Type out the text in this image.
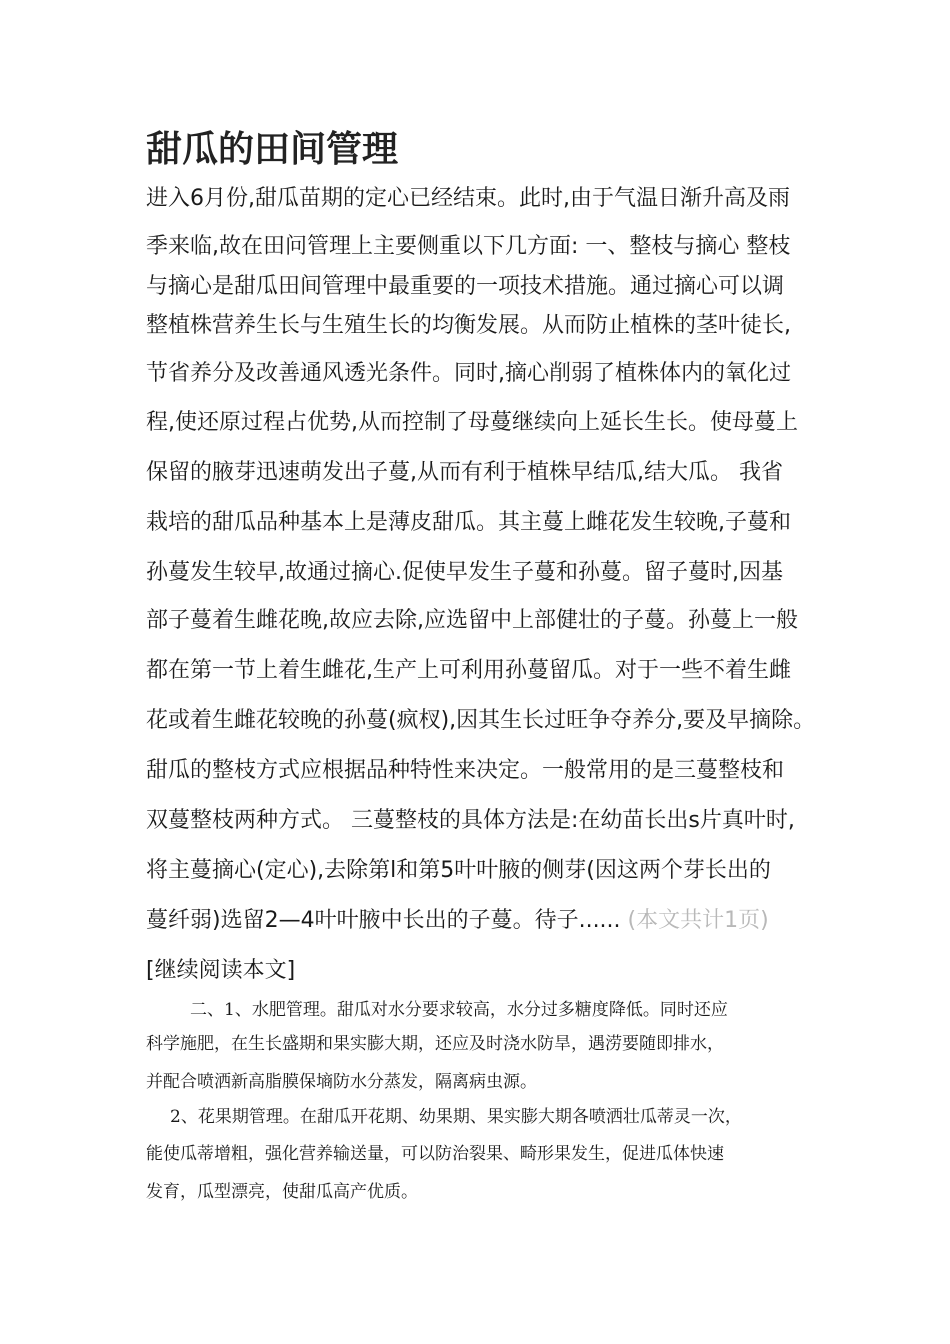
甜瓜的田间管理
进入6月份,甜瓜苗期的定心已经结束。此时,由于气温日渐升高及雨
季来临,故在田问管理上主要侧重以下几方面: 一、整枝与摘心 整枝
与摘心是甜瓜田间管理中最重要的一项技术措施。通过摘心可以调
整植株营养生长与生殖生长的均衡发展。从而防止植株的茎叶徒长,
节省养分及改善通风透光条件。同时,摘心削弱了植株体内的氧化过
程,使还原过程占优势,从而控制了母蔓继续向上延长生长。使母蔓上
保留的腋芽迅速萌发出子蔓,从而有利于植株早结瓜,结大瓜。 我省
栽培的甜瓜品种基本上是薄皮甜瓜。其主蔓上雌花发生较晚,子蔓和
孙蔓发生较早,故通过摘心.促使早发生子蔓和孙蔓。留子蔓时,因基
部子蔓着生雌花晚,故应去除,应选留中上部健壮的子蔓。孙蔓上一般
都在第一节上着生雌花,生产上可利用孙蔓留瓜。对于一些不着生雌
花或着生雌花较晚的孙蔓(疯杈),因其生长过旺争夺养分,要及早摘除。
甜瓜的整枝方式应根据品种特性来决定。一般常用的是三蔓整枝和
双蔓整枝两种方式。 三蔓整枝的具体方法是:在幼苗长出s片真叶时,
将主蔓摘心(定心),去除第l和第5叶叶腋的侧芽(因这两个芽长出的
蔓纤弱)选留2—4叶叶腋中长出的子蔓。待子...... (本文共计1页)
[继续阅读本文]
二、1、水肥管理。甜瓜对水分要求较高，水分过多糖度降低。同时还应
科学施肥，在生长盛期和果实膨大期，还应及时浇水防旱，遇涝要随即排水，
并配合喷洒新高脂膜保墒防水分蒸发，隔离病虫源。
2、花果期管理。在甜瓜开花期、幼果期、果实膨大期各喷洒壮瓜蒂灵一次，
能使瓜蒂增粗，强化营养输送量，可以防治裂果、畸形果发生，促进瓜体快速
发育，瓜型漂亮，使甜瓜高产优质。
